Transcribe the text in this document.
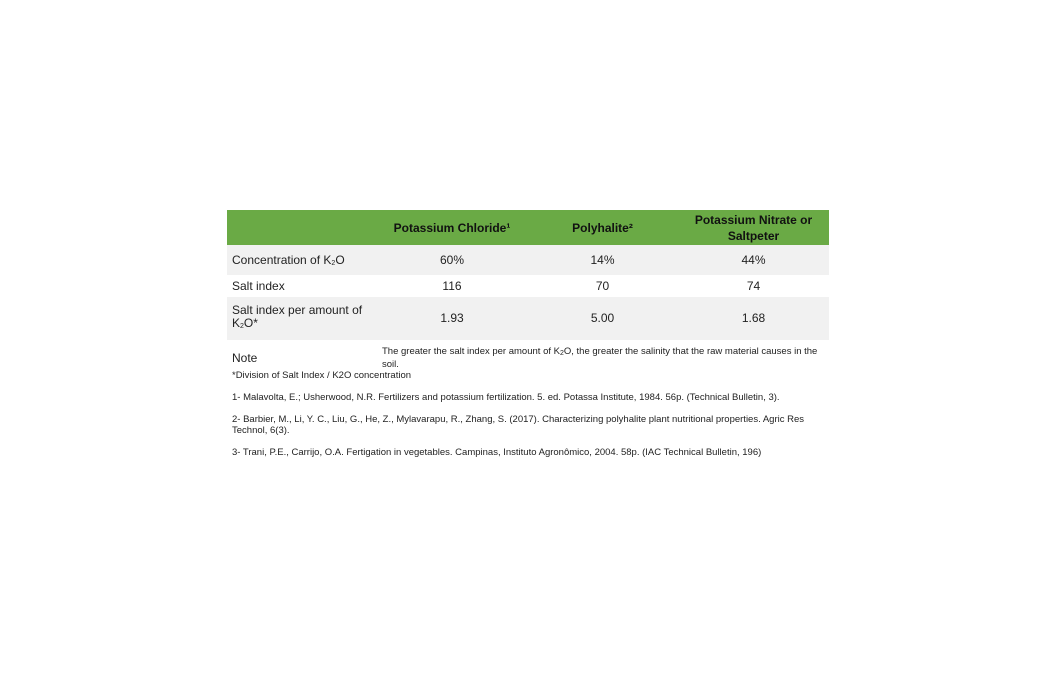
	Potassium Chloride¹	Polyhalite²	Potassium Nitrate or Saltpeter
Concentration of $K_2O$	60%	14%	44%
Salt index	116	70	74
Salt index per amount of $K_2O*$	1.93	5.00	1.68
Note	The greater the salt index per amount of $K_2O$, the greater the salinity that the raw material causes in the soil.		

*Division of Salt Index / K2O concentration

1- Malavolta, E.; Usherwood, N.R. Fertilizers and potassium fertilization. 5. ed. Potassa Institute, 1984. 56p. (Technical Bulletin, 3).

2- Barbier, M., Li, Y. C., Liu, G., He, Z., Mylavarapu, R., Zhang, S. (2017). Characterizing polyhalite plant nutritional properties. Agric Res Technol, 6(3).

3- Trani, P.E., Carrijo, O.A. Fertigation in vegetables. Campinas, Instituto Agronômico, 2004. 58p. (IAC Technical Bulletin, 196)
